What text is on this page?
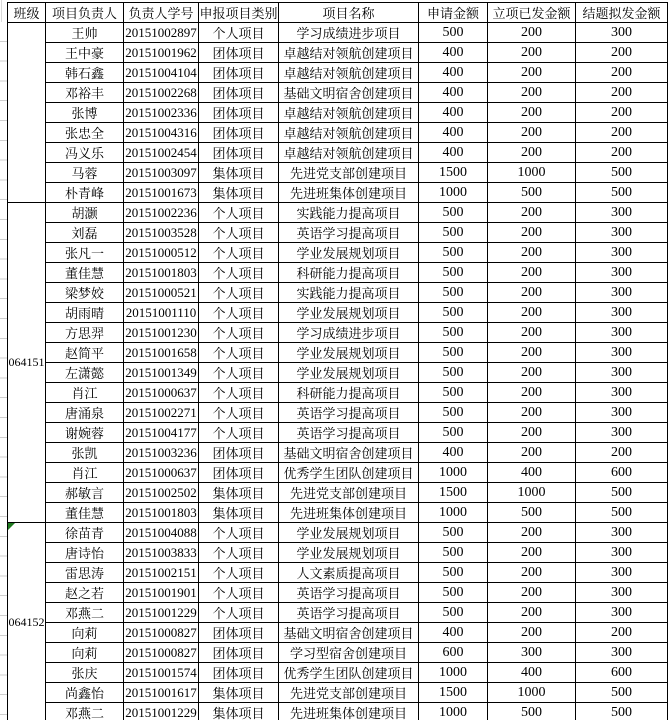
班级	项目负责人	负责人学号	申报项目类别	项目名称	申请金额	立项已发金额	结题拟发金额
	王帅	20151002897	个人项目	学习成绩进步项目	500	200	300
	王中豪	20151001962	团体项目	卓越结对领航创建项目	400	200	200
	韩石鑫	20151004104	团体项目	卓越结对领航创建项目	400	200	200
	邓裕丰	20151002268	团体项目	基础文明宿舍创建项目	400	200	200
	张博	20151002336	团体项目	卓越结对领航创建项目	400	200	200
	张忠全	20151004316	团体项目	卓越结对领航创建项目	400	200	200
	冯义乐	20151002454	团体项目	卓越结对领航创建项目	400	200	200
	马蓉	20151003097	集体项目	先进党支部创建项目	1500	1000	500
	朴青峰	20151001673	集体项目	先进班集体创建项目	1000	500	500
064151	胡灏	20151002236	个人项目	实践能力提高项目	500	200	300
	刘磊	20151003528	个人项目	英语学习提高项目	500	200	300
	张凡一	20151000512	个人项目	学业发展规划项目	500	200	300
	董佳慧	20151001803	个人项目	科研能力提高项目	500	200	300
	梁梦姣	20151000521	个人项目	实践能力提高项目	500	200	300
	胡雨晴	20151001110	个人项目	学业发展规划项目	500	200	300
	方思羿	20151001230	个人项目	学习成绩进步项目	500	200	300
	赵简平	20151001658	个人项目	学业发展规划项目	500	200	300
	左潇懿	20151001349	个人项目	学业发展规划项目	500	200	300
	肖江	20151000637	个人项目	科研能力提高项目	500	200	300
	唐涌泉	20151002271	个人项目	英语学习提高项目	500	200	300
	谢婉蓉	20151004177	个人项目	英语学习提高项目	500	200	300
	张凯	20151003236	团体项目	基础文明宿舍创建项目	400	200	200
	肖江	20151000637	团体项目	优秀学生团队创建项目	1000	400	600
	郝敏言	20151002502	集体项目	先进党支部创建项目	1500	1000	500
	董佳慧	20151001803	集体项目	先进班集体创建项目	1000	500	500

064152	徐苗青	20151004088	个人项目	学业发展规划项目	500	200	300
	唐诗怡	20151003833	个人项目	学业发展规划项目	500	200	300
	雷思涛	20151002151	个人项目	人文素质提高项目	500	200	300
	赵之若	20151001901	个人项目	英语学习提高项目	500	200	300
	邓燕二	20151001229	个人项目	英语学习提高项目	500	200	300
	向莉	20151000827	团体项目	基础文明宿舍创建项目	400	200	200
	向莉	20151000827	团体项目	学习型宿舍创建项目	600	300	300
	张庆	20151001574	团体项目	优秀学生团队创建项目	1000	400	600
	尚鑫怡	20151001617	集体项目	先进党支部创建项目	1500	1000	500
	邓燕二	20151001229	集体项目	先进班集体创建项目	1000	500	500
